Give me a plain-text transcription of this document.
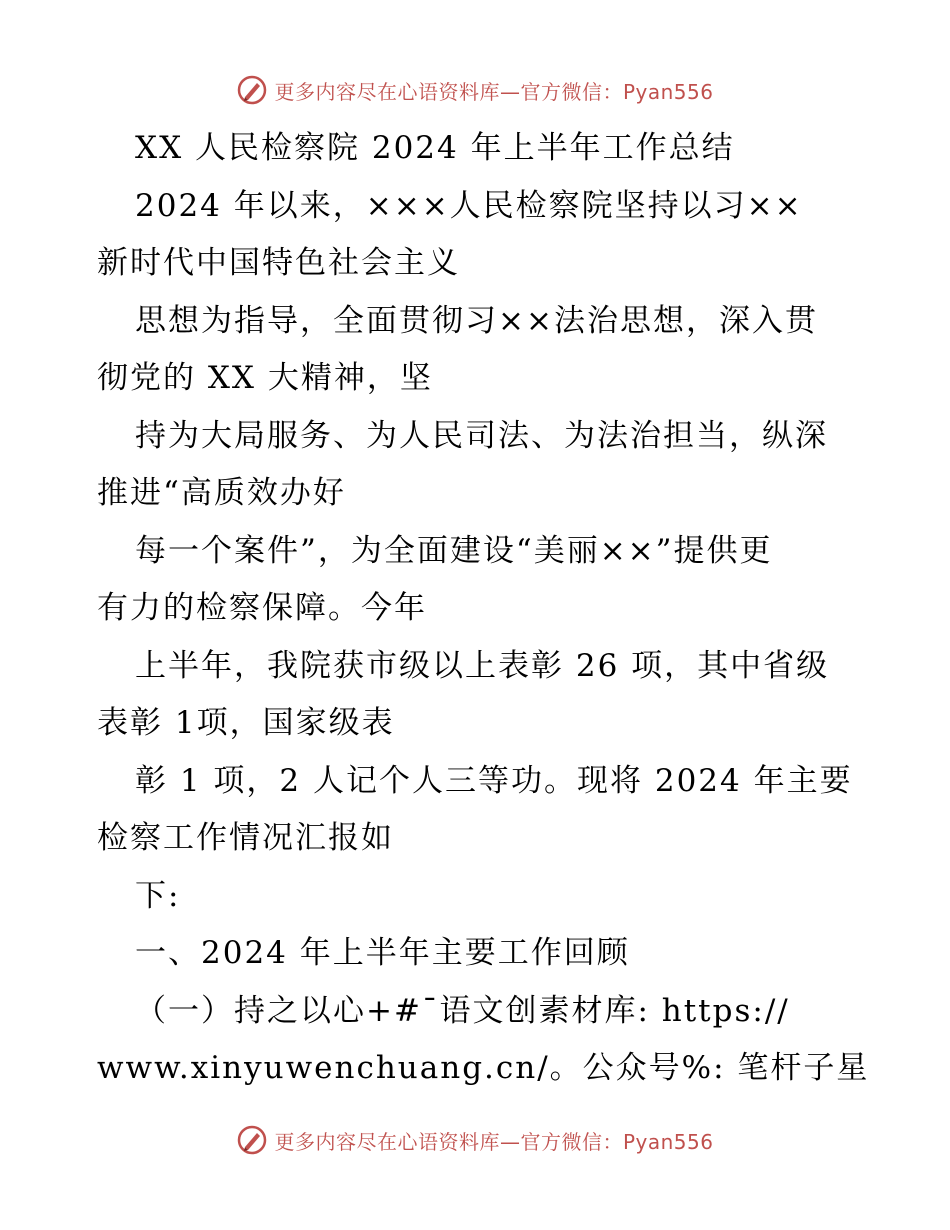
更多内容尽在心语资料库—官方微信：Pyan556
XX 人民检察院 2024 年上半年工作总结
2024 年以来，×××人民检察院坚持以习××
新时代中国特色社会主义
思想为指导，全面贯彻习××法治思想，深入贯
彻党的 XX 大精神，坚
持为大局服务、为人民司法、为法治担当，纵深
推进“高质效办好
每一个案件”，为全面建设“美丽××”提供更
有力的检察保障。今年
上半年，我院获市级以上表彰 26 项，其中省级
表彰 1项，国家级表
彰 1 项，2 人记个人三等功。现将 2024 年主要
检察工作情况汇报如
下:
一、2024 年上半年主要工作回顾
（一）持之以心+#¯语文创素材库: https://
www.xinyuwenchuang.cn/。公众号%: 笔杆子星
更多内容尽在心语资料库—官方微信：Pyan556
